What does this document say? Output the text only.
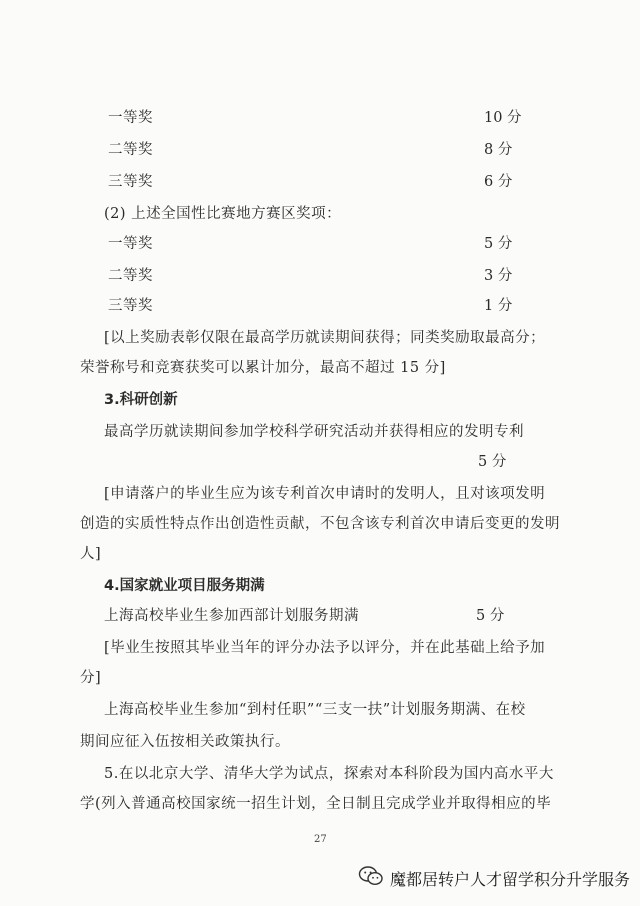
一等奖	10 分
二等奖	8 分
三等奖	6 分
(2) 上述全国性比赛地方赛区奖项：
一等奖	5 分
二等奖	3 分
三等奖	1 分
[以上奖励表彰仅限在最高学历就读期间获得；同类奖励取最高分；
荣誉称号和竞赛获奖可以累计加分，最高不超过 15 分]
3.科研创新
最高学历就读期间参加学校科学研究活动并获得相应的发明专利
5 分
[申请落户的毕业生应为该专利首次申请时的发明人，且对该项发明
创造的实质性特点作出创造性贡献，不包含该专利首次申请后变更的发明
人]
4.国家就业项目服务期满
上海高校毕业生参加西部计划服务期满	5 分
[毕业生按照其毕业当年的评分办法予以评分，并在此基础上给予加
分]
上海高校毕业生参加“到村任职”“三支一扶”计划服务期满、在校
期间应征入伍按相关政策执行。
5.在以北京大学、清华大学为试点，探索对本科阶段为国内高水平大
学(列入普通高校国家统一招生计划，全日制且完成学业并取得相应的毕
27
魔都居转户人才留学积分升学服务
